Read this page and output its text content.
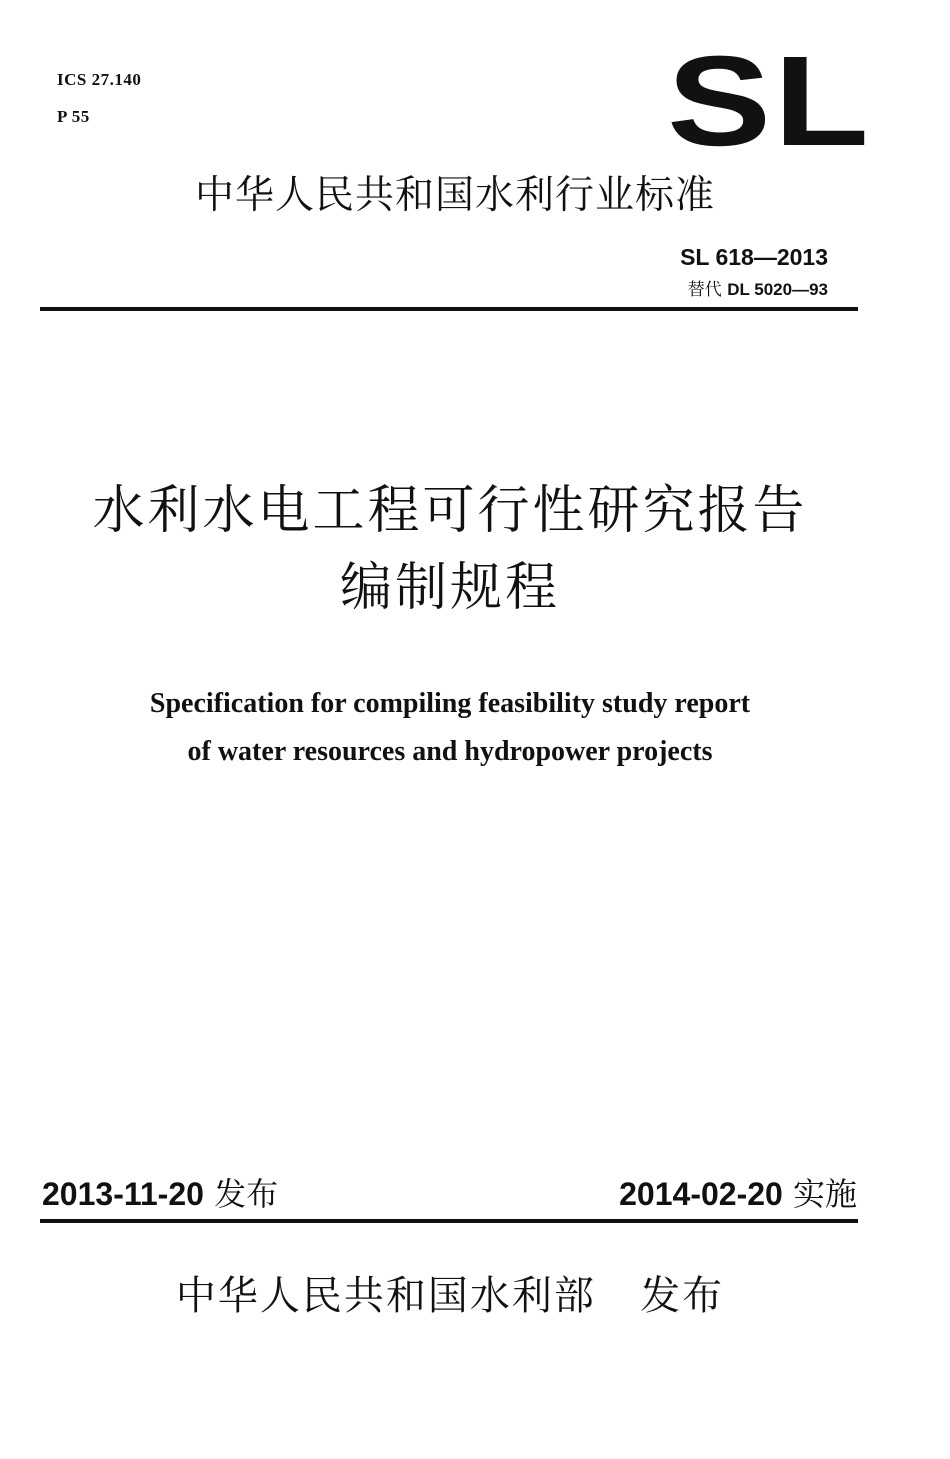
ICS 27.140
P 55	SL
中华人民共和国水利行业标准
SL 618—2013
替代 DL 5020—93
水利水电工程可行性研究报告
编制规程
Specification for compiling feasibility study report
of water resources and hydropower projects
2013-11-20 发布	2014-02-20 实施
中华人民共和国水利部 发布
